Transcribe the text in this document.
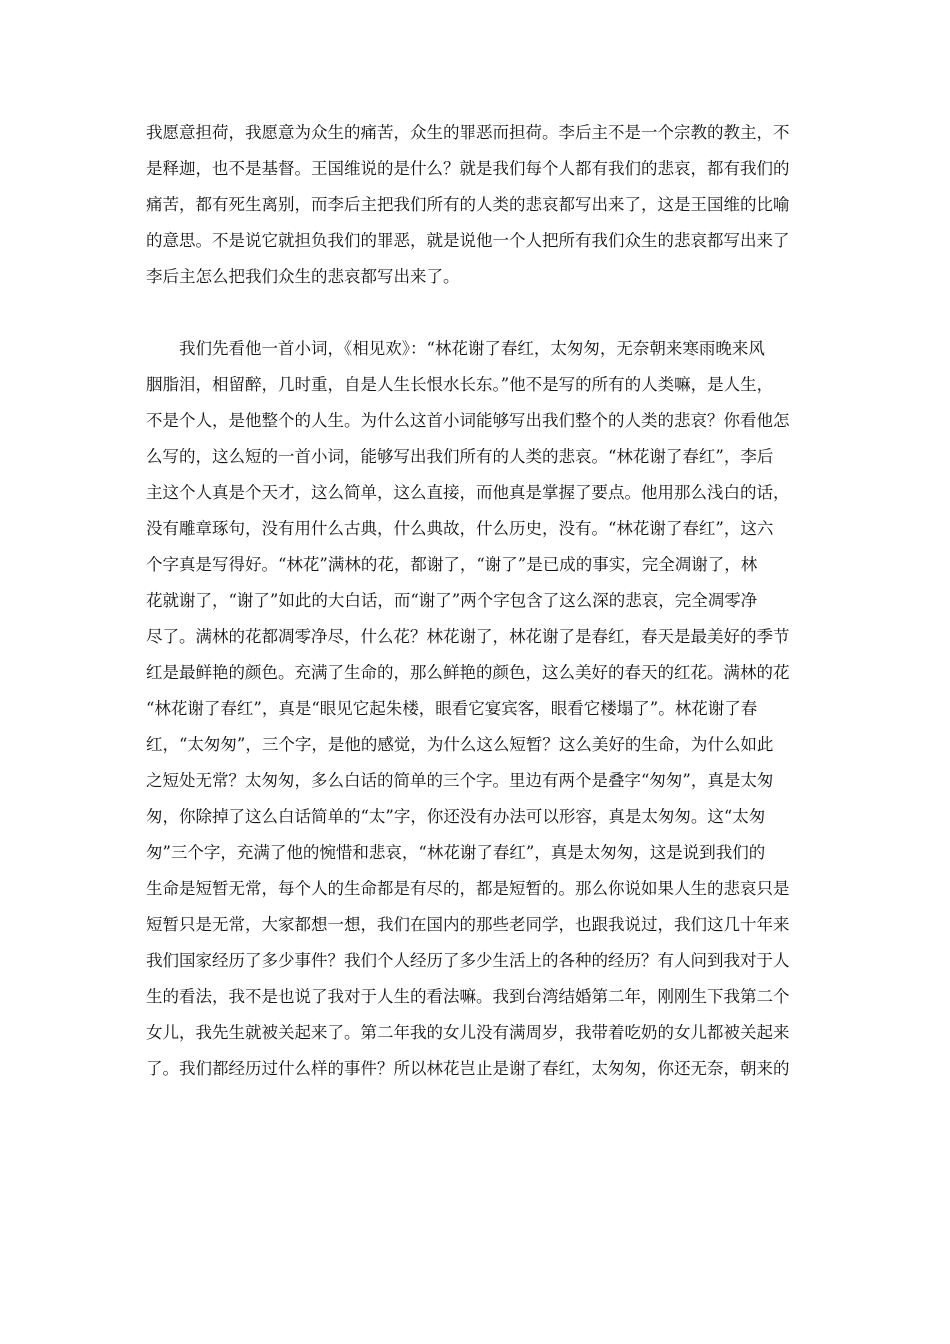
我愿意担荷，我愿意为众生的痛苦，众生的罪恶而担荷。李后主不是一个宗教的教主，不
是释迦，也不是基督。王国维说的是什么？就是我们每个人都有我们的悲哀，都有我们的
痛苦，都有死生离别，而李后主把我们所有的人类的悲哀都写出来了，这是王国维的比喻
的意思。不是说它就担负我们的罪恶，就是说他一个人把所有我们众生的悲哀都写出来了
李后主怎么把我们众生的悲哀都写出来了。
　　我们先看他一首小词，《相见欢》：“林花谢了春红，太匆匆，无奈朝来寒雨晚来风
胭脂泪，相留醉，几时重，自是人生长恨水长东。”他不是写的所有的人类嘛，是人生，
不是个人，是他整个的人生。为什么这首小词能够写出我们整个的人类的悲哀？你看他怎
么写的，这么短的一首小词，能够写出我们所有的人类的悲哀。“林花谢了春红”，李后
主这个人真是个天才，这么简单，这么直接，而他真是掌握了要点。他用那么浅白的话，
没有雕章琢句，没有用什么古典，什么典故，什么历史，没有。“林花谢了春红”，这六
个字真是写得好。“林花”满林的花，都谢了，“谢了”是已成的事实，完全凋谢了，林
花就谢了，“谢了”如此的大白话，而“谢了”两个字包含了这么深的悲哀，完全凋零净
尽了。满林的花都凋零净尽，什么花？林花谢了，林花谢了是春红，春天是最美好的季节
红是最鲜艳的颜色。充满了生命的，那么鲜艳的颜色，这么美好的春天的红花。满林的花
“林花谢了春红”，真是“眼见它起朱楼，眼看它宴宾客，眼看它楼塌了”。林花谢了春
红，“太匆匆”，三个字，是他的感觉，为什么这么短暂？这么美好的生命，为什么如此
之短处无常？太匆匆，多么白话的简单的三个字。里边有两个是叠字“匆匆”，真是太匆
匆，你除掉了这么白话简单的“太”字，你还没有办法可以形容，真是太匆匆。这“太匆
匆”三个字，充满了他的惋惜和悲哀，“林花谢了春红”，真是太匆匆，这是说到我们的
生命是短暂无常，每个人的生命都是有尽的，都是短暂的。那么你说如果人生的悲哀只是
短暂只是无常，大家都想一想，我们在国内的那些老同学，也跟我说过，我们这几十年来
我们国家经历了多少事件？我们个人经历了多少生活上的各种的经历？有人问到我对于人
生的看法，我不是也说了我对于人生的看法嘛。我到台湾结婚第二年，刚刚生下我第二个
女儿，我先生就被关起来了。第二年我的女儿没有满周岁，我带着吃奶的女儿都被关起来
了。我们都经历过什么样的事件？所以林花岂止是谢了春红，太匆匆，你还无奈，朝来的
